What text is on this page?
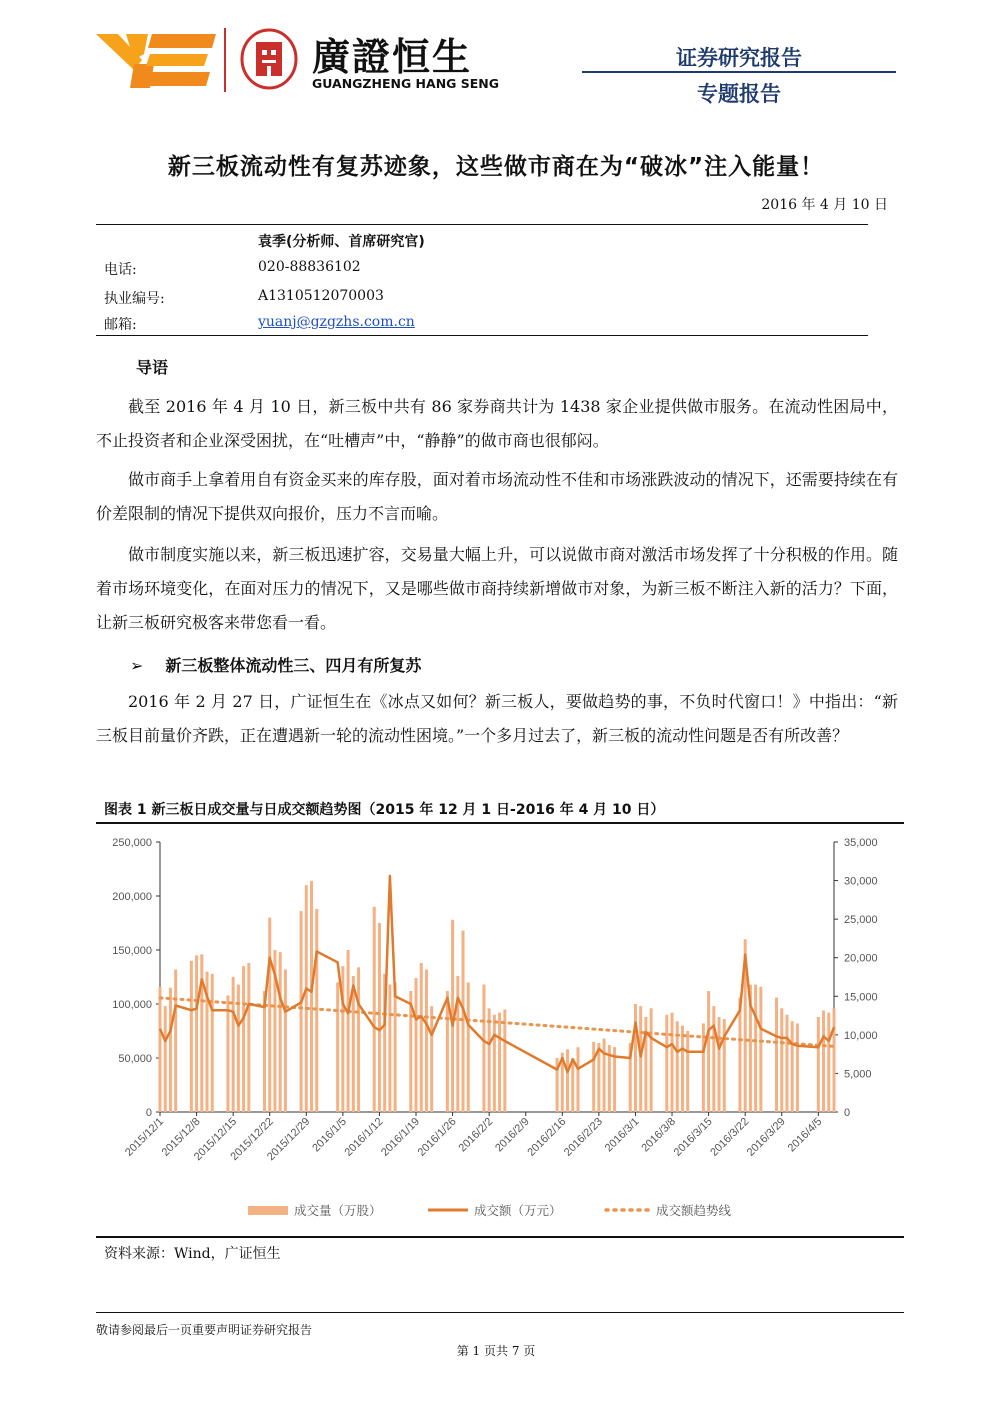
廣證恒生
GUANGZHENG HANG SENG
证券研究报告
专题报告
新三板流动性有复苏迹象，这些做市商在为“破冰”注入能量！
2016 年 4 月 10 日
袁季(分析师、首席研究官)
电话:	020-88836102
执业编号:	A1310512070003
邮箱:	yuanj@gzgzhs.com.cn
导语
截至 2016 年 4 月 10 日，新三板中共有 86 家券商共计为 1438 家企业提供做市服务。在流动性困局中，不止投资者和企业深受困扰，在“吐槽声”中，“静静”的做市商也很郁闷。
做市商手上拿着用自有资金买来的库存股，面对着市场流动性不佳和市场涨跌波动的情况下，还需要持续在有价差限制的情况下提供双向报价，压力不言而喻。
做市制度实施以来，新三板迅速扩容，交易量大幅上升，可以说做市商对激活市场发挥了十分积极的作用。随着市场环境变化，在面对压力的情况下，又是哪些做市商持续新增做市对象，为新三板不断注入新的活力？下面，让新三板研究极客来带您看一看。
➢ 新三板整体流动性三、四月有所复苏
2016 年 2 月 27 日，广证恒生在《冰点又如何？新三板人，要做趋势的事，不负时代窗口！》中指出：“新三板目前量价齐跌，正在遭遇新一轮的流动性困境。”一个多月过去了，新三板的流动性问题是否有所改善？
图表 1 新三板日成交量与日成交额趋势图（2015 年 12 月 1 日-2016 年 4 月 10 日）
0
50,000
100,000
150,000
200,000
250,000
0
5,000
10,000
15,000
20,000
25,000
30,000
35,000
2015/12/1
2015/12/8
2015/12/15
2015/12/22
2015/12/29
2016/1/5
2016/1/12
2016/1/19
2016/1/26
2016/2/2
2016/2/9
2016/2/16
2016/2/23
2016/3/1
2016/3/8
2016/3/15
2016/3/22
2016/3/29
2016/4/5
成交量（万股）	成交额（万元）	成交额趋势线
资料来源：Wind，广证恒生
敬请参阅最后一页重要声明证券研究报告
第 1 页共 7 页
